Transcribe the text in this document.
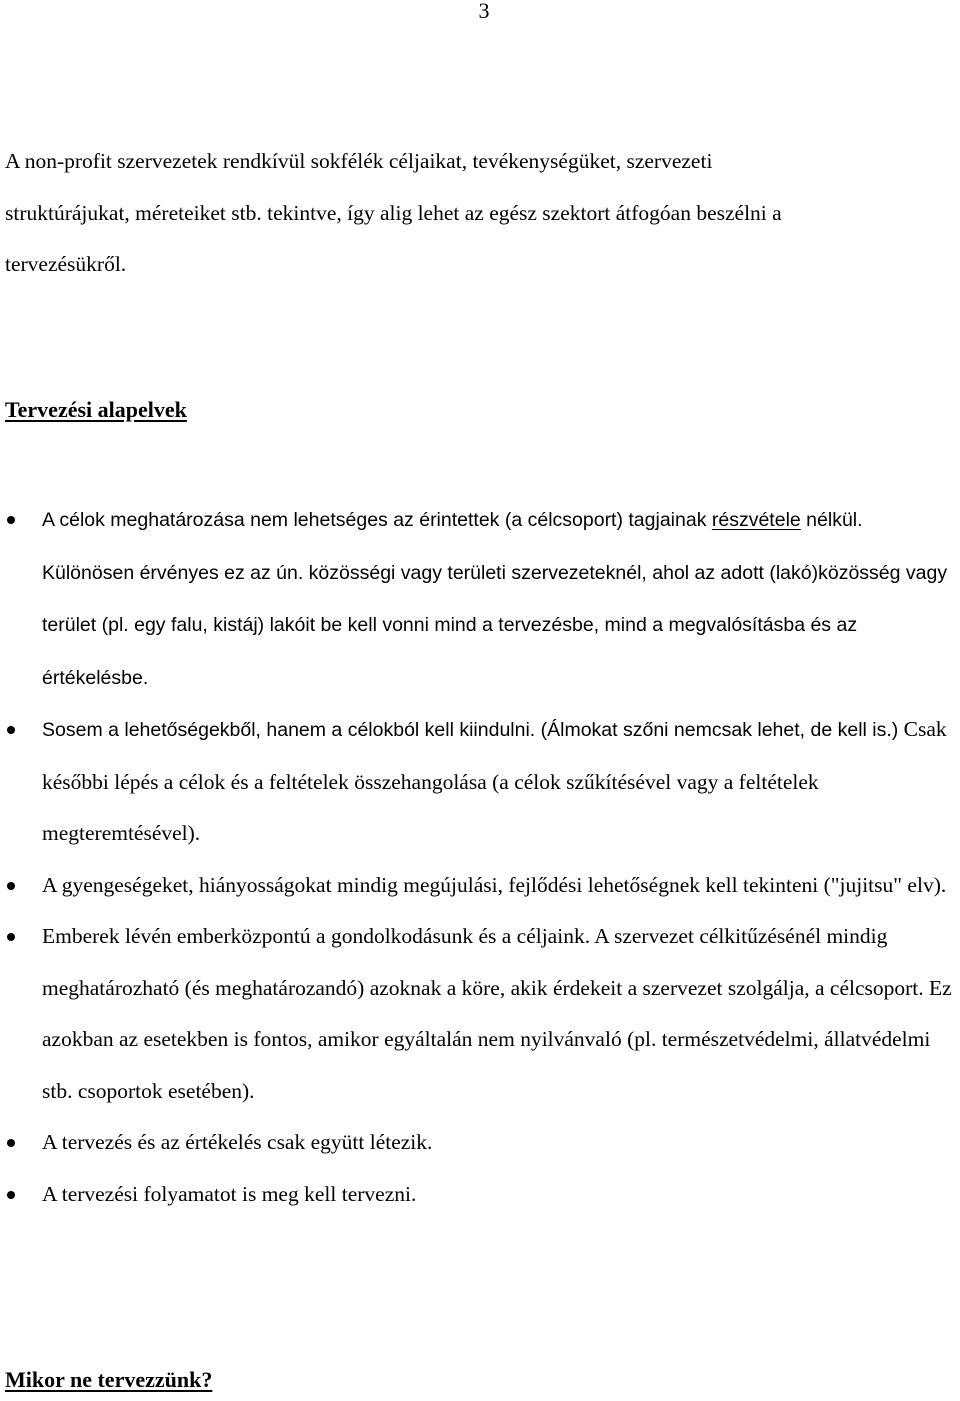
3

A non-profit szervezetek rendkívül sokfélék céljaikat, tevékenységüket, szervezeti
struktúrájukat, méreteiket stb. tekintve, így alig lehet az egész szektort átfogóan beszélni a
tervezésükről.

Tervezési alapelvek
A célok meghatározása nem lehetséges az érintettek (a célcsoport) tagjainak részvétele nélkül. Különösen érvényes ez az ún. közösségi vagy területi szervezeteknél, ahol az adott (lakó)közösség vagy terület (pl. egy falu, kistáj) lakóit be kell vonni mind a tervezésbe, mind a megvalósításba és az értékelésbe.
Sosem a lehetőségekből, hanem a célokból kell kiindulni. (Álmokat szőni nemcsak lehet, de kell is.) Csak későbbi lépés a célok és a feltételek összehangolása (a célok szűkítésével vagy a feltételek megteremtésével).
A gyengeségeket, hiányosságokat mindig megújulási, fejlődési lehetőségnek kell tekinteni ("jujitsu" elv).
Emberek lévén emberközpontú a gondolkodásunk és a céljaink. A szervezet célkitűzésénél mindig meghatározható (és meghatározandó) azoknak a köre, akik érdekeit a szervezet szolgálja, a célcsoport. Ez azokban az esetekben is fontos, amikor egyáltalán nem nyilvánvaló (pl. természetvédelmi, állatvédelmi stb. csoportok esetében).
A tervezés és az értékelés csak együtt létezik.
A tervezési folyamatot is meg kell tervezni.
Mikor ne tervezzünk?
